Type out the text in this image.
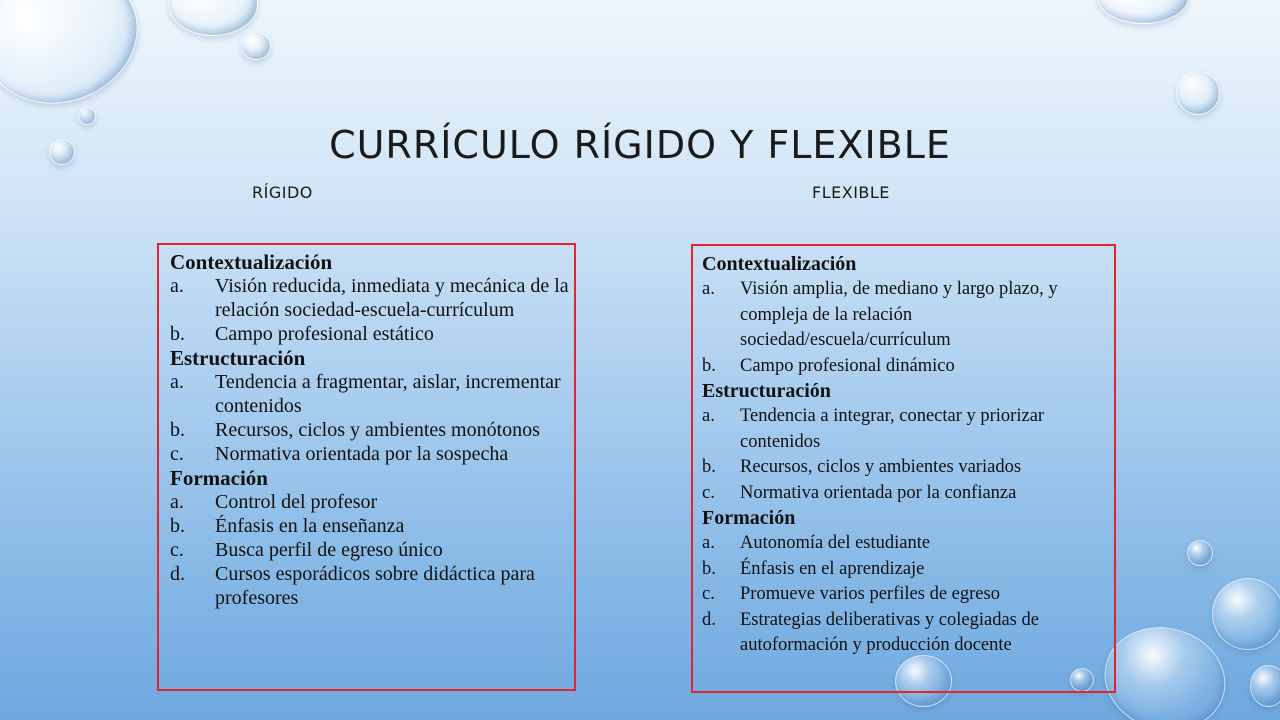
CURRÍCULO RÍGIDO Y FLEXIBLE
RÍGIDO	FLEXIBLE
Contextualización
a.	Visión reducida, inmediata y mecánica de la relación sociedad-escuela-currículum
b.	Campo profesional estático
Estructuración
a.	Tendencia a fragmentar, aislar, incrementar contenidos
b.	Recursos, ciclos y ambientes monótonos
c.	Normativa orientada por la sospecha
Formación
a.	Control del profesor
b.	Énfasis en la enseñanza
c.	Busca perfil de egreso único
d.	Cursos esporádicos sobre didáctica para profesores
Contextualización
a.	Visión amplia, de mediano y largo plazo, y compleja de la relación sociedad/escuela/currículum
b.	Campo profesional dinámico
Estructuración
a.	Tendencia a integrar, conectar y priorizar contenidos
b.	Recursos, ciclos y ambientes variados
c.	Normativa orientada por la confianza
Formación
a.	Autonomía del estudiante
b.	Énfasis en el aprendizaje
c.	Promueve varios perfiles de egreso
d.	Estrategias deliberativas y colegiadas de autoformación y producción docente
